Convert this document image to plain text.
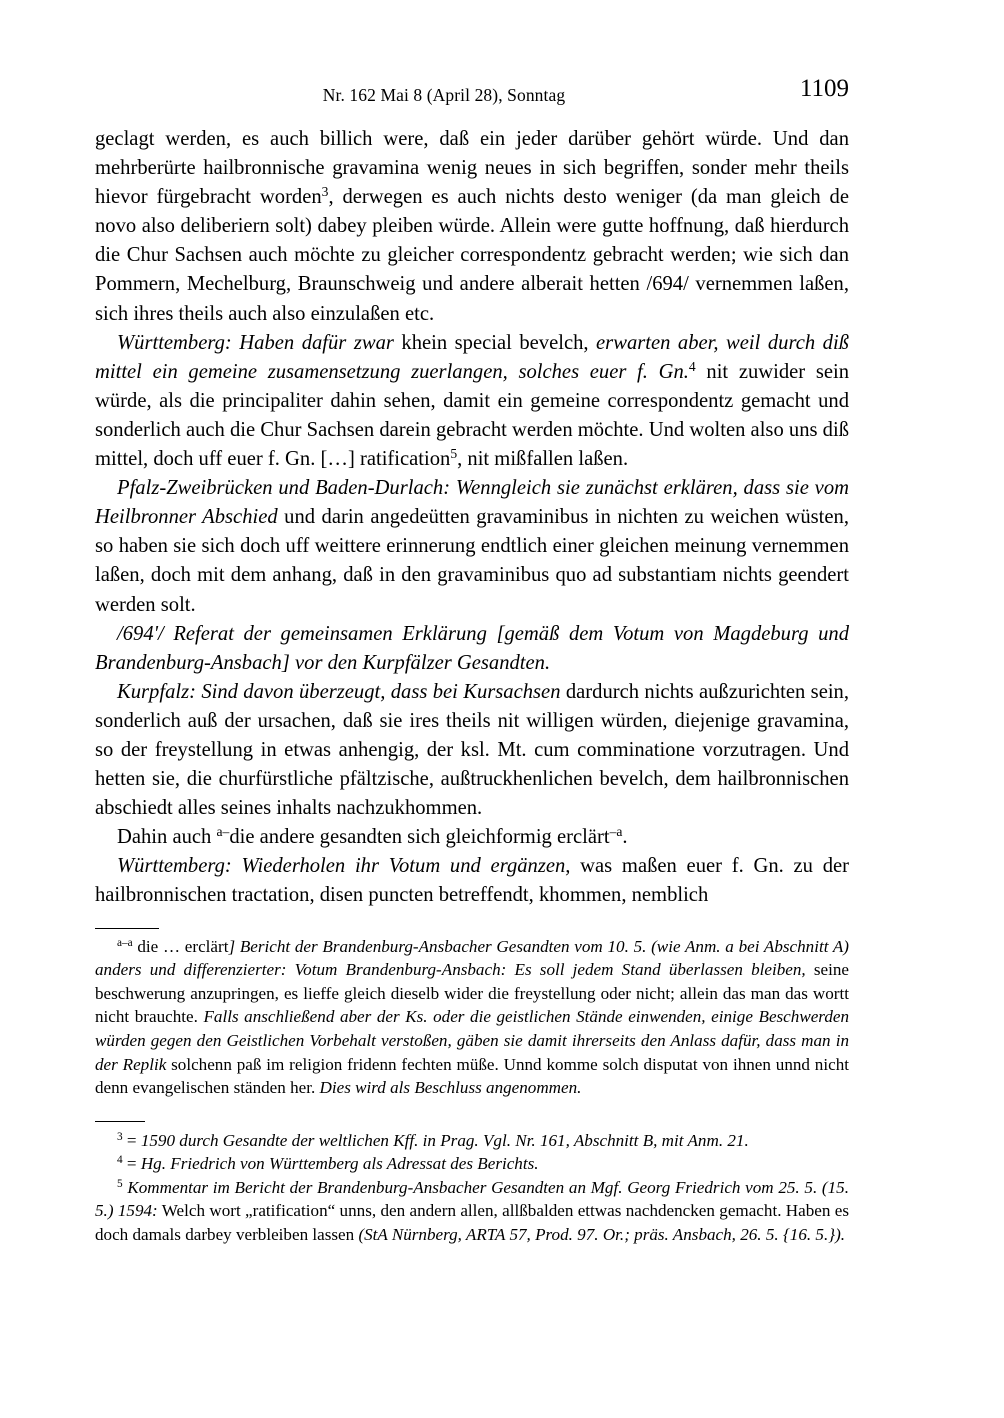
Nr. 162 Mai 8 (April 28), Sonntag	1109

geclagt werden, es auch billich were, daß ein jeder darüber gehört würde. Und dan mehrberürte hailbronnische gravamina wenig neues in sich begriffen, sonder mehr theils hievor fürgebracht worden$^3$, derwegen es auch nichts desto weniger (da man gleich de novo also deliberiern solt) dabey pleiben würde. Allein were gutte hoffnung, daß hierdurch die Chur Sachsen auch möchte zu gleicher correspondentz gebracht werden; wie sich dan Pommern, Mechelburg, Braunschweig und andere alberait hetten /694/ vernemmen laßen, sich ihres theils auch also einzulaßen etc.

Württemberg: Haben dafür zwar khein special bevelch, erwarten aber, weil durch diß mittel ein gemeine zusamensetzung zuerlangen, solches euer f. Gn.$^4$ nit zuwider sein würde, als die principaliter dahin sehen, damit ein gemeine correspondentz gemacht und sonderlich auch die Chur Sachsen darein gebracht werden möchte. Und wolten also uns diß mittel, doch uff euer f. Gn. […] ratification$^5$, nit mißfallen laßen.

Pfalz-Zweibrücken und Baden-Durlach: Wenngleich sie zunächst erklären, dass sie vom Heilbronner Abschied und darin angedeütten gravaminibus in nichten zu weichen wüsten, so haben sie sich doch uff weittere erinnerung endtlich einer gleichen meinung vernemmen laßen, doch mit dem anhang, daß in den gravaminibus quo ad substantiam nichts geendert werden solt.

/694'/ Referat der gemeinsamen Erklärung [gemäß dem Votum von Magdeburg und Brandenburg-Ansbach] vor den Kurpfälzer Gesandten.

Kurpfalz: Sind davon überzeugt, dass bei Kursachsen dardurch nichts außzurichten sein, sonderlich auß der ursachen, daß sie ires theils nit willigen würden, diejenige gravamina, so der freystellung in etwas anhengig, der ksl. Mt. cum comminatione vorzutragen. Und hetten sie, die churfürstliche pfältzische, außtruckhenlichen bevelch, dem hailbronnischen abschiedt alles seines inhalts nachzukhommen.

Dahin auch $^{a-}$die andere gesandten sich gleichformig erclärt$^{-a}$.

Württemberg: Wiederholen ihr Votum und ergänzen, was maßen euer f. Gn. zu der hailbronnischen tractation, disen puncten betreffendt, khommen, nemblich

$^{a-a}$ die … erclärt] Bericht der Brandenburg-Ansbacher Gesandten vom 10. 5. (wie Anm. a bei Abschnitt A) anders und differenzierter: Votum Brandenburg-Ansbach: Es soll jedem Stand überlassen bleiben, seine beschwerung anzupringen, es lieffe gleich dieselb wider die freystellung oder nicht; allein das man das wortt nicht brauchte. Falls anschließend aber der Ks. oder die geistlichen Stände einwenden, einige Beschwerden würden gegen den Geistlichen Vorbehalt verstoßen, gäben sie damit ihrerseits den Anlass dafür, dass man in der Replik solchenn paß im religion fridenn fechten müße. Unnd komme solch disputat von ihnen unnd nicht denn evangelischen ständen her. Dies wird als Beschluss angenommen.

$^3$ = 1590 durch Gesandte der weltlichen Kff. in Prag. Vgl. Nr. 161, Abschnitt B, mit Anm. 21.

$^4$ = Hg. Friedrich von Württemberg als Adressat des Berichts.

$^5$ Kommentar im Bericht der Brandenburg-Ansbacher Gesandten an Mgf. Georg Friedrich vom 25. 5. (15. 5.) 1594: Welch wort „ratification“ unns, den andern allen, allßbalden ettwas nachdencken gemacht. Haben es doch damals darbey verbleiben lassen (StA Nürnberg, ARTA 57, Prod. 97. Or.; präs. Ansbach, 26. 5. {16. 5.}).
